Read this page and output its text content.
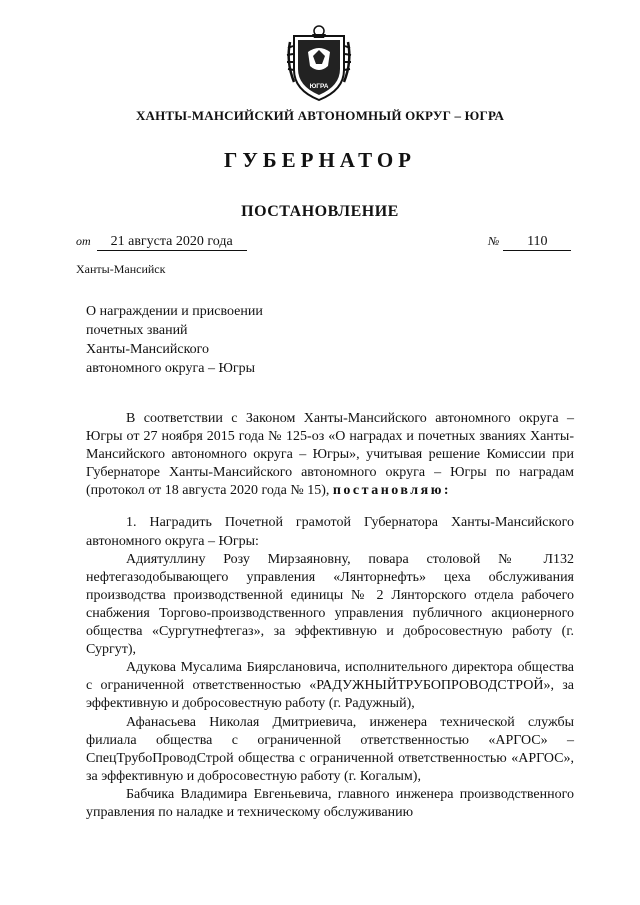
ЮГРА
ХАНТЫ-МАНСИЙСКИЙ АВТОНОМНЫЙ ОКРУГ – ЮГРА
ГУБЕРНАТОР
ПОСТАНОВЛЕНИЕ
от 21 августа 2020 года	№ 110
Ханты-Мансийск
О награждении и присвоении
почетных званий
Ханты-Мансийского
автономного округа – Югры

В соответствии с Законом Ханты-Мансийского автономного округа – Югры от 27 ноября 2015 года № 125-оз «О наградах и почетных званиях Ханты-Мансийского автономного округа – Югры», учитывая решение Комиссии при Губернаторе Ханты-Мансийского автономного округа – Югры по наградам (протокол от 18 августа 2020 года № 15), постановляю:

1. Наградить Почетной грамотой Губернатора Ханты-Мансийского автономного округа – Югры:

Адиятуллину Розу Мирзаяновну, повара столовой № Л132 нефтегазодобывающего управления «Лянторнефть» цеха обслуживания производства производственной единицы № 2 Лянторского отдела рабочего снабжения Торгово-производственного управления публичного акционерного общества «Сургутнефтегаз», за эффективную и добросовестную работу (г. Сургут),

Адукова Мусалима Биярслановича, исполнительного директора общества с ограниченной ответственностью «РАДУЖНЫЙТРУБОПРОВОДСТРОЙ», за эффективную и добросовестную работу (г. Радужный),

Афанасьева Николая Дмитриевича, инженера технической службы филиала общества с ограниченной ответственностью «АРГОС» – СпецТрубоПроводСтрой общества с ограниченной ответственностью «АРГОС», за эффективную и добросовестную работу (г. Когалым),

Бабчика Владимира Евгеньевича, главного инженера производственного управления по наладке и техническому обслуживанию
